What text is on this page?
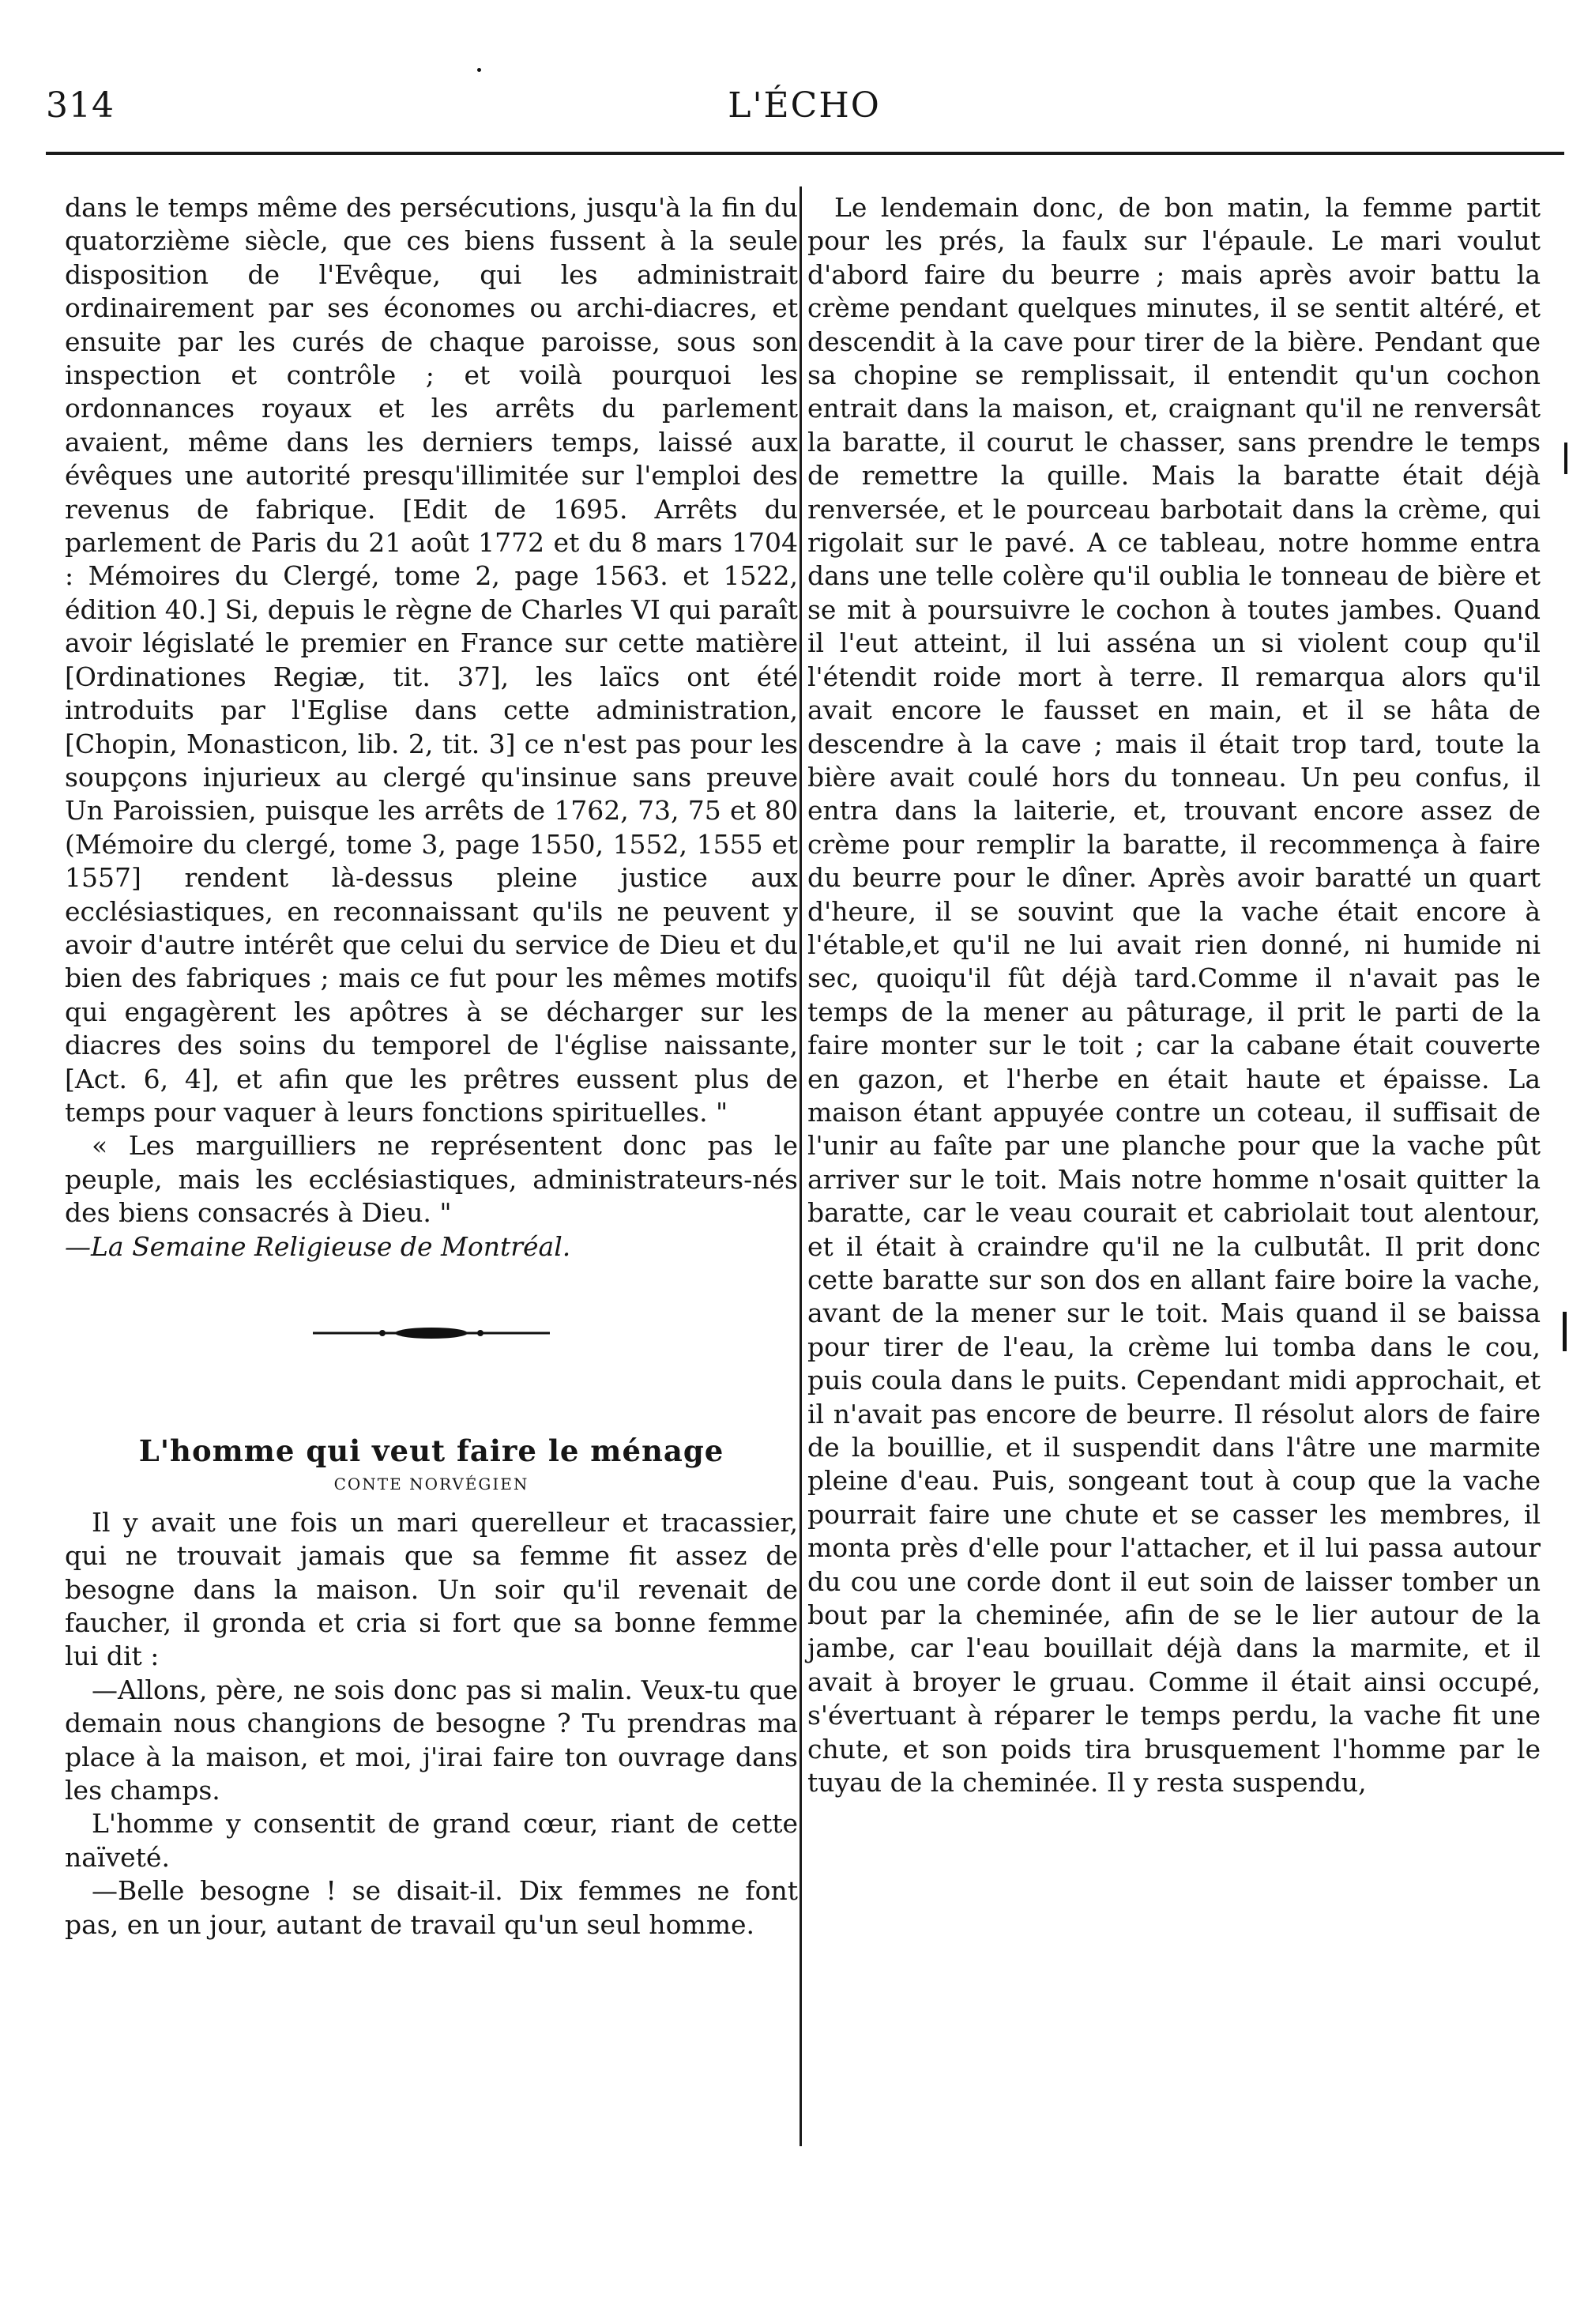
314	L'ÉCHO

dans le temps même des persécutions, jusqu'à la fin du quatorzième siècle, que ces biens fussent à la seule disposition de l'Evêque, qui les administrait ordinairement par ses économes ou archi-diacres, et ensuite par les curés de chaque paroisse, sous son inspection et contrôle ; et voilà pourquoi les ordonnances royaux et les arrêts du parlement avaient, même dans les derniers temps, laissé aux évêques une autorité presqu'illimitée sur l'emploi des revenus de fabrique. [Edit de 1695. Arrêts du parlement de Paris du 21 août 1772 et du 8 mars 1704 : Mémoires du Clergé, tome 2, page 1563. et 1522, édition 40.] Si, depuis le règne de Charles VI qui paraît avoir législaté le premier en France sur cette matière [Ordinationes Regiæ, tit. 37], les laïcs ont été introduits par l'Eglise dans cette administration, [Chopin, Monasticon, lib. 2, tit. 3] ce n'est pas pour les soupçons injurieux au clergé qu'insinue sans preuve Un Paroissien, puisque les arrêts de 1762, 73, 75 et 80 (Mémoire du clergé, tome 3, page 1550, 1552, 1555 et 1557] rendent là-dessus pleine justice aux ecclésiastiques, en reconnaissant qu'ils ne peuvent y avoir d'autre intérêt que celui du service de Dieu et du bien des fabriques ; mais ce fut pour les mêmes motifs qui engagèrent les apôtres à se décharger sur les diacres des soins du temporel de l'église naissante, [Act. 6, 4], et afin que les prêtres eussent plus de temps pour vaquer à leurs fonctions spirituelles. "

« Les marguilliers ne représentent donc pas le peuple, mais les ecclésiastiques, administrateurs-nés des biens consacrés à Dieu. "

—La Semaine Religieuse de Montréal.

L'homme qui veut faire le ménage
CONTE NORVÉGIEN

Il y avait une fois un mari querelleur et tracassier, qui ne trouvait jamais que sa femme fit assez de besogne dans la maison. Un soir qu'il revenait de faucher, il gronda et cria si fort que sa bonne femme lui dit :

—Allons, père, ne sois donc pas si malin. Veux-tu que demain nous changions de besogne ? Tu prendras ma place à la maison, et moi, j'irai faire ton ouvrage dans les champs.

L'homme y consentit de grand cœur, riant de cette naïveté.

—Belle besogne ! se disait-il. Dix femmes ne font pas, en un jour, autant de travail qu'un seul homme.

Le lendemain donc, de bon matin, la femme partit pour les prés, la faulx sur l'épaule. Le mari voulut d'abord faire du beurre ; mais après avoir battu la crème pendant quelques minutes, il se sentit altéré, et descendit à la cave pour tirer de la bière. Pendant que sa chopine se remplissait, il entendit qu'un cochon entrait dans la maison, et, craignant qu'il ne renversât la baratte, il courut le chasser, sans prendre le temps de remettre la quille. Mais la baratte était déjà renversée, et le pourceau barbotait dans la crème, qui rigolait sur le pavé. A ce tableau, notre homme entra dans une telle colère qu'il oublia le tonneau de bière et se mit à poursuivre le cochon à toutes jambes. Quand il l'eut atteint, il lui asséna un si violent coup qu'il l'étendit roide mort à terre. Il remarqua alors qu'il avait encore le fausset en main, et il se hâta de descendre à la cave ; mais il était trop tard, toute la bière avait coulé hors du tonneau. Un peu confus, il entra dans la laiterie, et, trouvant encore assez de crème pour remplir la baratte, il recommença à faire du beurre pour le dîner. Après avoir baratté un quart d'heure, il se souvint que la vache était encore à l'étable,et qu'il ne lui avait rien donné, ni humide ni sec, quoiqu'il fût déjà tard.Comme il n'avait pas le temps de la mener au pâturage, il prit le parti de la faire monter sur le toit ; car la cabane était couverte en gazon, et l'herbe en était haute et épaisse. La maison étant appuyée contre un coteau, il suffisait de l'unir au faîte par une planche pour que la vache pût arriver sur le toit. Mais notre homme n'osait quitter la baratte, car le veau courait et cabriolait tout alentour, et il était à craindre qu'il ne la culbutât. Il prit donc cette baratte sur son dos en allant faire boire la vache, avant de la mener sur le toit. Mais quand il se baissa pour tirer de l'eau, la crème lui tomba dans le cou, puis coula dans le puits. Cependant midi approchait, et il n'avait pas encore de beurre. Il résolut alors de faire de la bouillie, et il suspendit dans l'âtre une marmite pleine d'eau. Puis, songeant tout à coup que la vache pourrait faire une chute et se casser les membres, il monta près d'elle pour l'attacher, et il lui passa autour du cou une corde dont il eut soin de laisser tomber un bout par la cheminée, afin de se le lier autour de la jambe, car l'eau bouillait déjà dans la marmite, et il avait à broyer le gruau. Comme il était ainsi occupé, s'évertuant à réparer le temps perdu, la vache fit une chute, et son poids tira brusquement l'homme par le tuyau de la cheminée. Il y resta suspendu,
